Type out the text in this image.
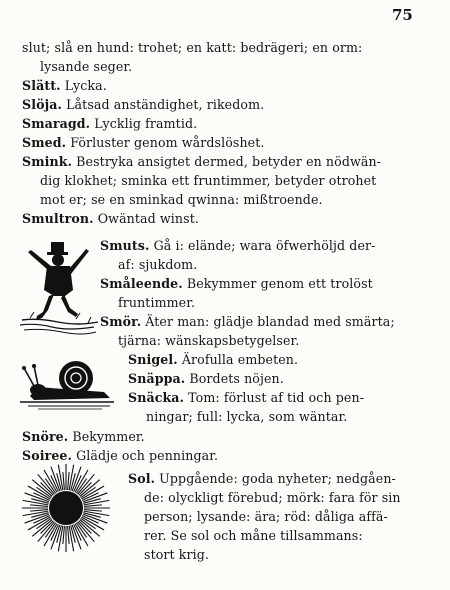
75
slut; slå en hund: trohet; en katt: bedrägeri; en orm:
lysande seger.
Slätt. Lycka.
Slöja. Låtsad anständighet, rikedom.
Smaragd. Lycklig framtid.
Smed. Förluster genom wårdslöshet.
Smink. Bestryka ansigtet dermed, betyder en nödwän-
dig klokhet; sminka ett fruntimmer, betyder otrohet
mot er; se en sminkad qwinna: mißtroende.
Smultron. Owäntad winst.
Smuts. Gå i: elände; wara öfwerhöljd der-
af: sjukdom.
Småleende. Bekymmer genom ett trolöst
fruntimmer.
Smör. Äter man: glädje blandad med smärta;
tjärna: wänskapsbetygelser.
Snigel. Ärofulla embeten.
Snäppa. Bordets nöjen.
Snäcka. Tom: förlust af tid och pen-
ningar; full: lycka, som wäntar.
Snöre. Bekymmer.
Soiree. Glädje och penningar.
Sol. Uppgående: goda nyheter; nedgåen-
de: olyckligt förebud; mörk: fara för sin
person; lysande: ära; röd: dåliga affä-
rer. Se sol och måne tillsammans:
stort krig.
